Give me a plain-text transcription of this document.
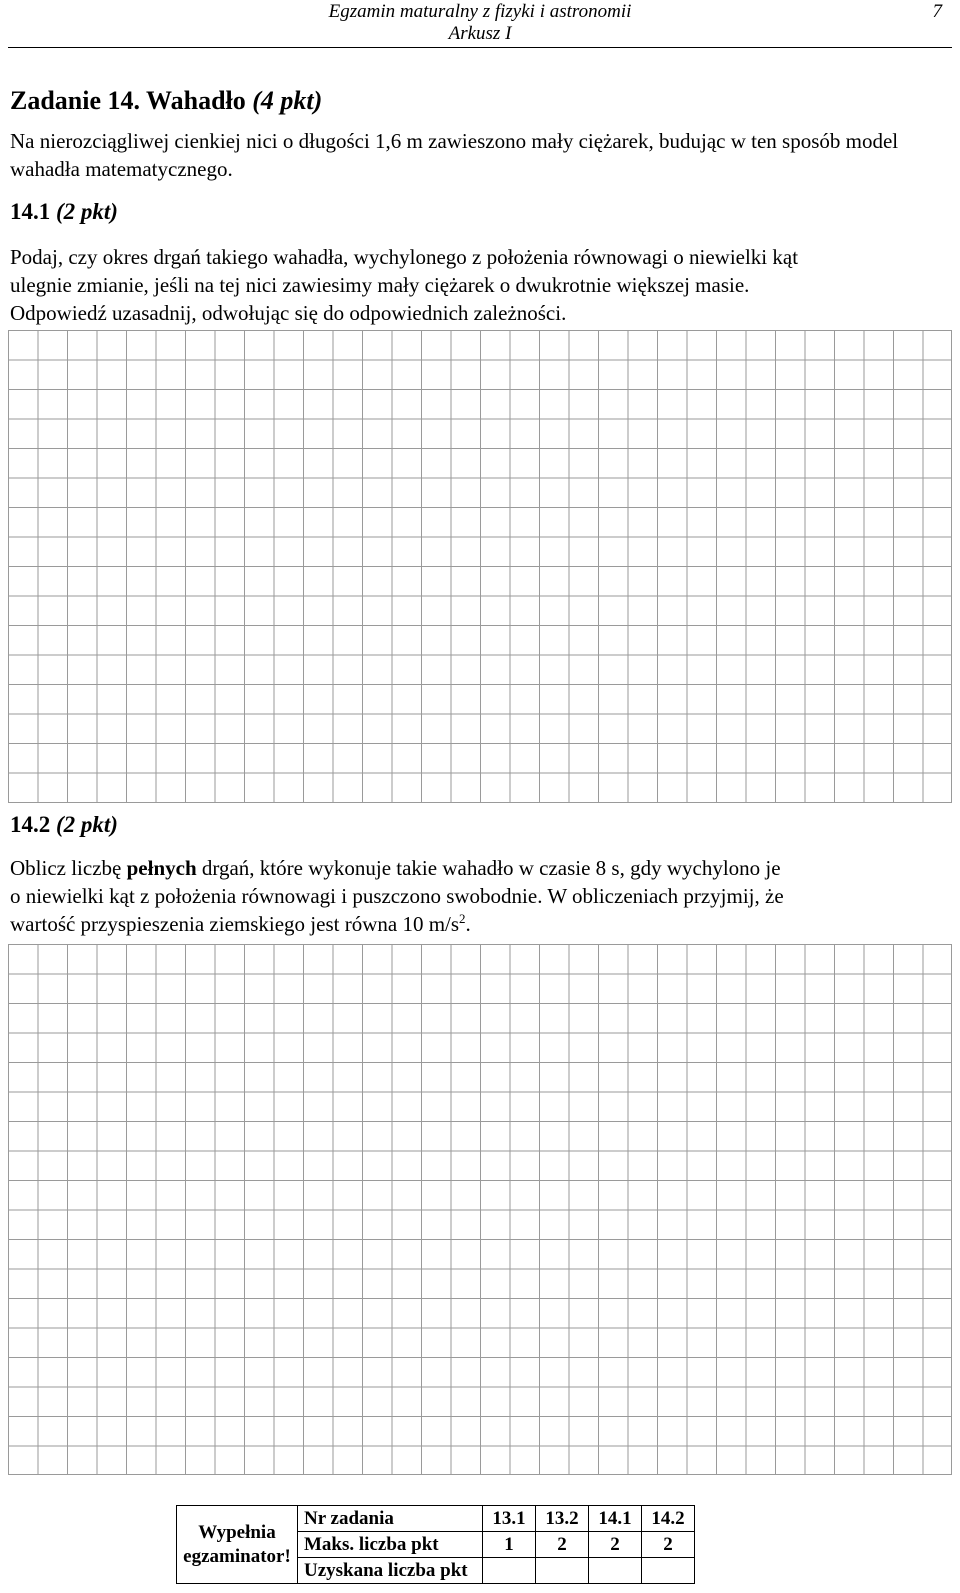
Egzamin maturalny z fizyki i astronomii
Arkusz I
7
Zadanie 14. Wahadło (4 pkt)

Na nierozciągliwej cienkiej nici o długości 1,6 m zawieszono mały ciężarek, budując w ten sposób model wahadła matematycznego.

14.1 (2 pkt)
Podaj, czy okres drgań takiego wahadła, wychylonego z położenia równowagi o niewielki kąt
ulegnie zmianie, jeśli na tej nici zawiesimy mały ciężarek o dwukrotnie większej masie.
Odpowiedź uzasadnij, odwołując się do odpowiednich zależności.
14.2 (2 pkt)
Oblicz liczbę pełnych drgań, które wykonuje takie wahadło w czasie 8 s, gdy wychylono je
o niewielki kąt z położenia równowagi i puszczono swobodnie. W obliczeniach przyjmij, że
wartość przyspieszenia ziemskiego jest równa 10 $m/s^2$.
Wypełnia
egzaminator!	Nr zadania	13.1	13.2	14.1	14.2
	Maks. liczba pkt	1	2	2	2
	Uzyskana liczba pkt				
